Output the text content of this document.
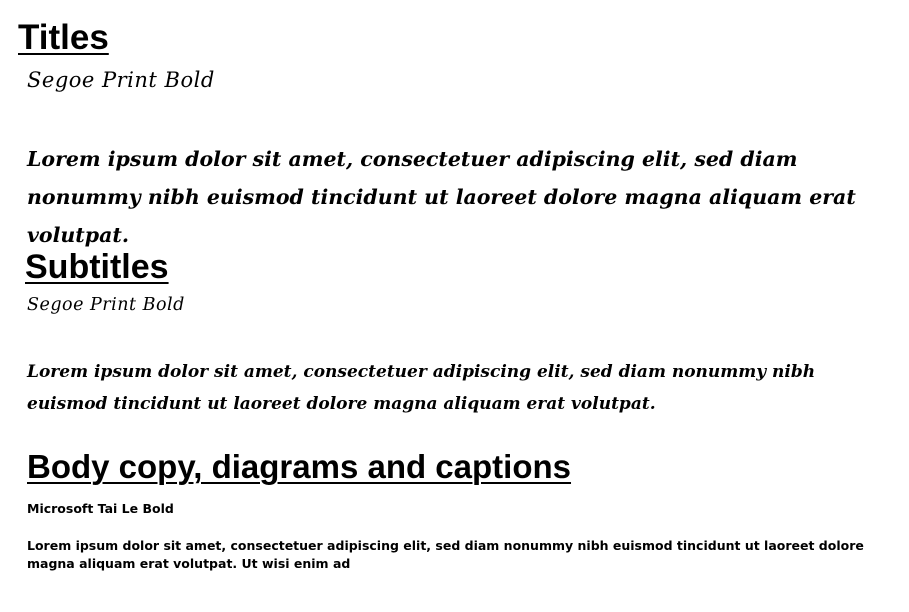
Titles

Segoe Print Bold

Lorem ipsum dolor sit amet, consectetuer adipiscing elit, sed diam nonummy nibh euismod tincidunt ut laoreet dolore magna aliquam erat volutpat.

Subtitles

Segoe Print Bold

Lorem ipsum dolor sit amet, consectetuer adipiscing elit, sed diam nonummy nibh euismod tincidunt ut laoreet dolore magna aliquam erat volutpat.

Body copy, diagrams and captions

Microsoft Tai Le Bold

Lorem ipsum dolor sit amet, consectetuer adipiscing elit, sed diam nonummy nibh euismod tincidunt ut laoreet dolore magna aliquam erat volutpat. Ut wisi enim ad
